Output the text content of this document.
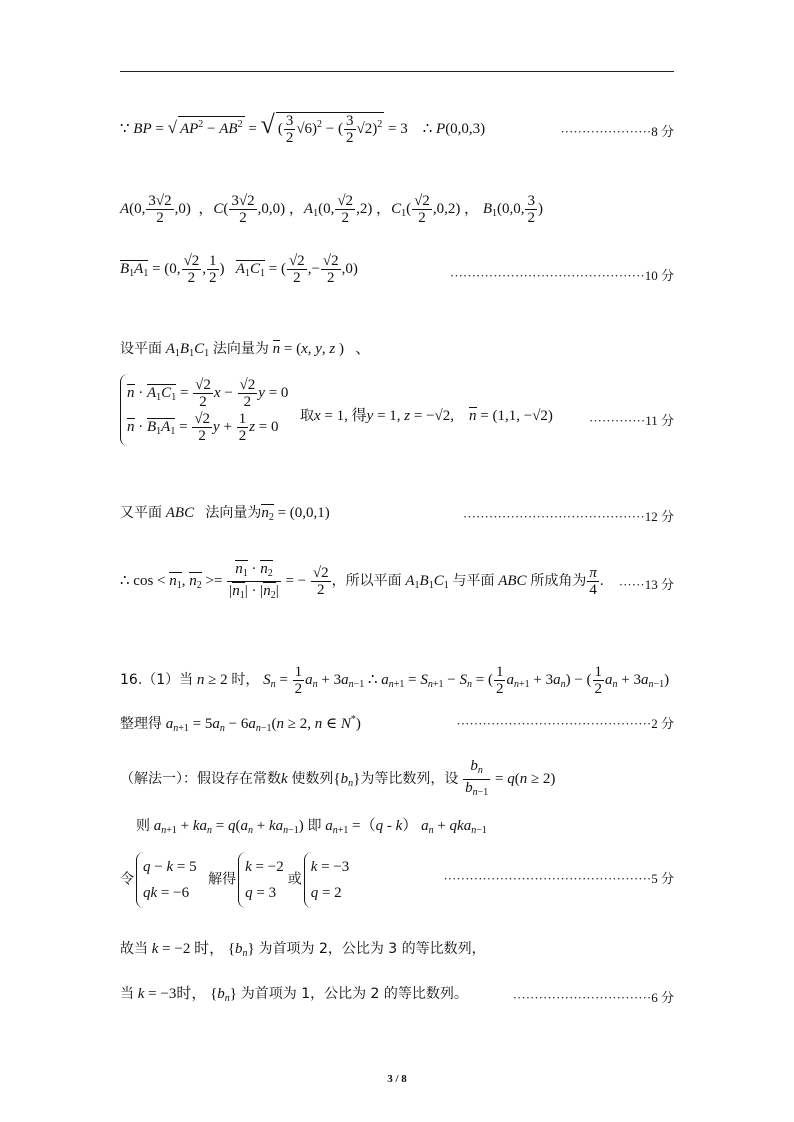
∵ BP = √ $AP^2 - AB^2$ = √ ( $\frac{3}{2} √6)^2$ − ( $\frac{3}{2} √2)^2 = 3$    ∴ P(0,0,3)	·····················8 分
A(0, $\frac{3√2}{2} ,0$)  ，$C( \frac{3√2}{2} ,0,0)$ ，$A_1(0$, $\frac{√2}{2} ,2$) ，$C_1( \frac{√2}{2} ,0,2)$ ， $B_1(0,0$, $\frac{3}{2}$ )
$B_1A_1 = (0$, $\frac{√2}{2}$ , $\frac{1}{2}$ )   $A_1C_1$ = ( $\frac{√2}{2}$ ,− $\frac{√2}{2} ,0$)	·············································10 分
设平面 $A_1B_1C_1$ 法向量为 n = (x, y, z )   、
$n \cdot A_1C_1 = \frac{√2}{2}$ $x - \frac{√2}{2}$ y = 0
$n \cdot B_1A_1 = \frac{√2}{2}$ $y + \frac{1}{2}$ z = 0
取x = 1, 得y = 1, z = −√2,    n = (1,1, −√2)	·············11 分
又平面 ABC 法向量为$n_2 = (0,0,1)$	··········································12 分
∴ $\cos < n_1$, $n_2 >= \frac{n_1 \cdot n_2}{|n_1| \cdot |n_2|}$ = − $\frac{√2}{2}$ ，所以平面 $A_1B_1C_1$ 与平面 ABC 所成角为 $\frac{\pi}{4}$ . ······13 分
16.（1）当 n ≥ 2 时， $S_n = \frac{1}{2} a_n + 3a_{n-1}$ ∴ $a_{n+1} = S_{n+1} - S_n$ = ( $\frac{1}{2} a_{n+1} + 3a_n$) − ( $\frac{1}{2} a_n + 3a_{n-1}$)
整理得 $a_{n+1} = 5a_n - 6a_{n-1}(n \ge 2$, n ∈ N*)	·············································2 分
（解法一）：假设存在常数k 使数列$\{b_n\}$为等比数列，设 $\frac{b_n}{b_{n-1}} = q(n \ge 2)$
则 $a_{n+1} + ka_n = q(a_n + ka_{n-1})$ 即 $a_{n+1} =(q - k) a_n + qka_{n-1}$
令
q − k = 5
qk = −6
解得
k = −2
q = 3
或
k = −3
q = 2
················································5 分
故当 k = −2 时， $\{b_n\}$ 为首项为 2，公比为 3 的等比数列，
当 k = −3时， $\{b_n\}$ 为首项为 1，公比为 2 的等比数列。	································6 分
3 / 8
